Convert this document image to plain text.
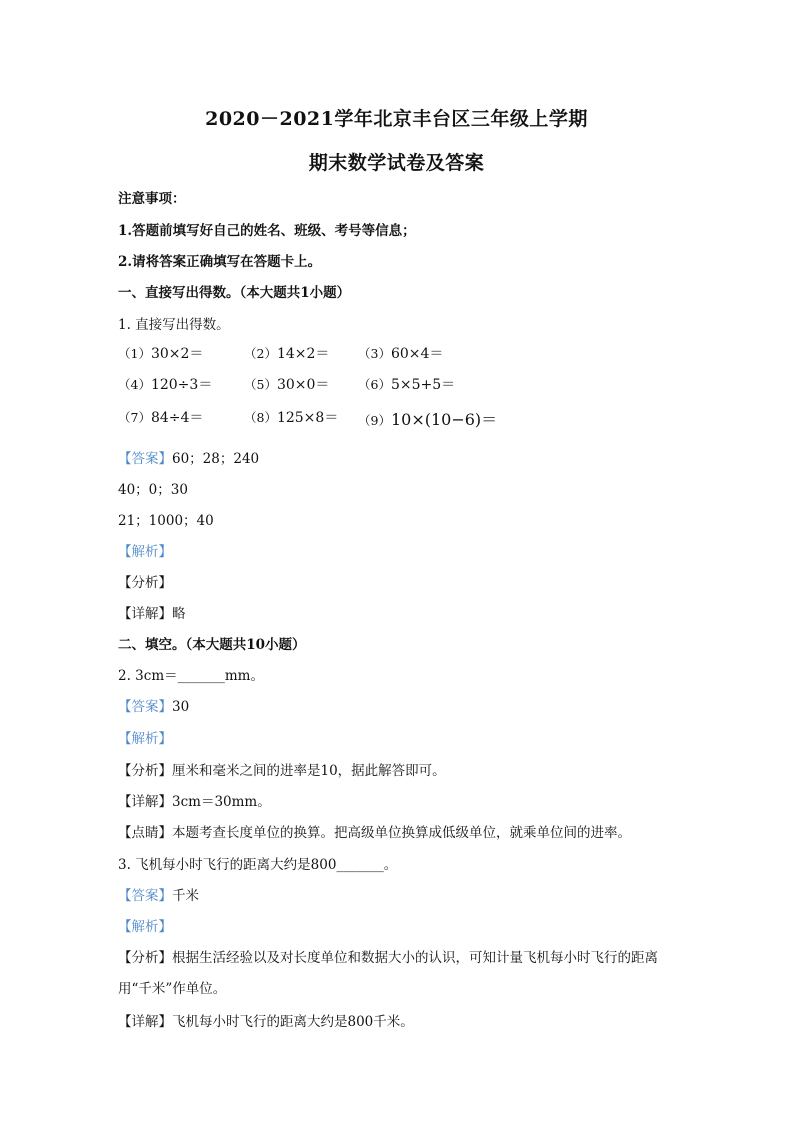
2020－2021学年北京丰台区三年级上学期
期末数学试卷及答案
注意事项：
1.答题前填写好自己的姓名、班级、考号等信息；
2.请将答案正确填写在答题卡上。
一、直接写出得数。（本大题共1小题）
1. 直接写出得数。
（1）30×2＝	（2）14×2＝ （3）60×4＝
（4）120÷3＝	（5）30×0＝ （6）5×5+5＝
（7）84÷4＝	（8）125×8＝ （9）10×(10−6)＝
【答案】60；28；240
40；0；30
21；1000；40
【解析】
【分析】
【详解】略
二、填空。（本大题共10小题）
2. 3cm＝_______mm。
【答案】30
【解析】
【分析】厘米和毫米之间的进率是10，据此解答即可。
【详解】3cm＝30mm。
【点睛】本题考查长度单位的换算。把高级单位换算成低级单位，就乘单位间的进率。
3. 飞机每小时飞行的距离大约是800_______。
【答案】千米
【解析】
【分析】根据生活经验以及对长度单位和数据大小的认识，可知计量飞机每小时飞行的距离
用“千米”作单位。
【详解】飞机每小时飞行的距离大约是800千米。
